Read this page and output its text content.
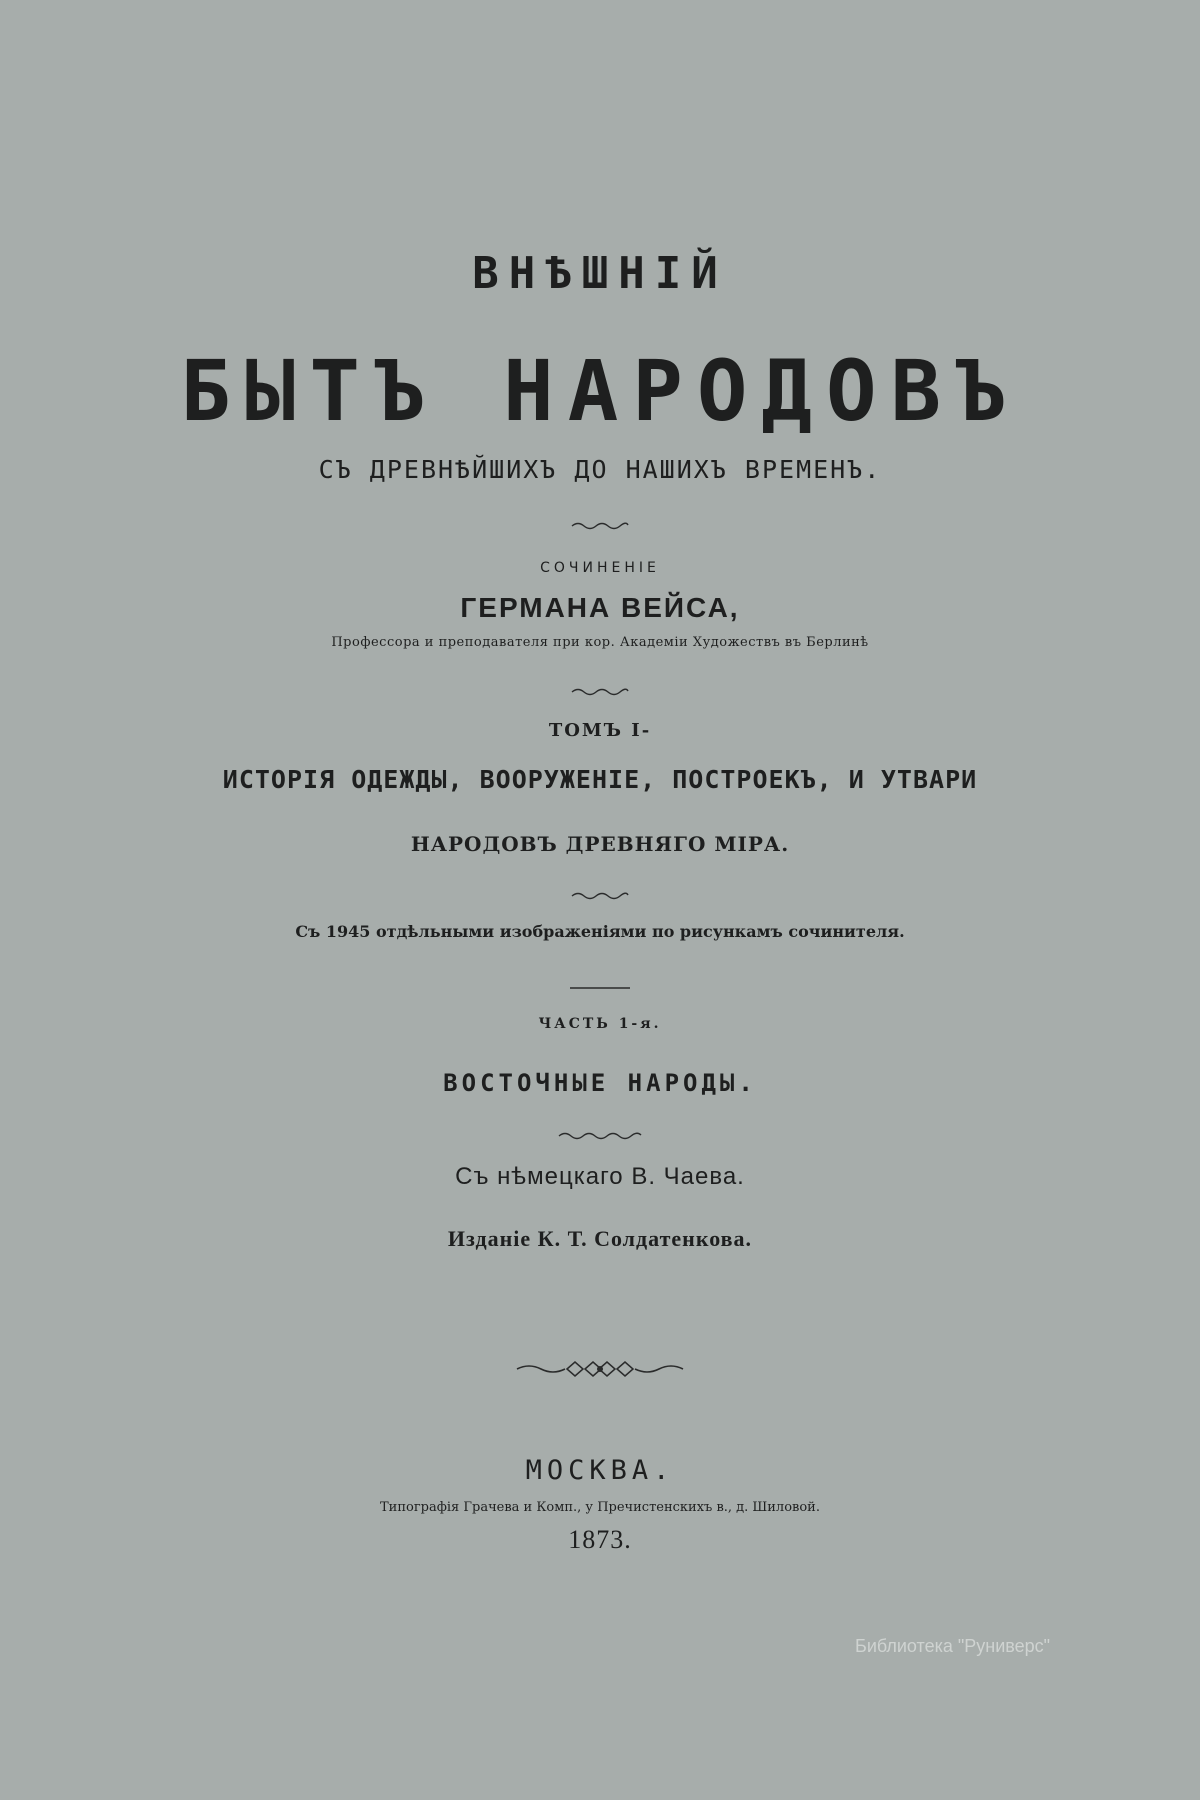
ВНѢШНІЙ
БЫТЪ НАРОДОВЪ
СЪ ДРЕВНѢЙШИХЪ ДО НАШИХЪ ВРЕМЕНЪ.
СОЧИНЕНІЕ
ГЕРМАНА ВЕЙСА,
Профессора и преподавателя при кор. Академіи Художествъ въ Берлинѣ
ТОМЪ I-
ИСТОРІЯ ОДЕЖДЫ, ВООРУЖЕНІЕ, ПОСТРОЕКЪ, И УТВАРИ
НАРОДОВЪ ДРЕВНЯГО МІРА.
Съ 1945 отдѣльными изображеніями по рисункамъ сочинителя.
ЧАСТЬ 1-я.
ВОСТОЧНЫЕ НАРОДЫ.
Съ нѣмецкаго В. Чаева.
Изданіе К. Т. Солдатенкова.
МОСКВА.
Типографія Грачева и Комп., у Пречистенскихъ в., д. Шиловой.
1873.
Библиотека "Руниверс"
